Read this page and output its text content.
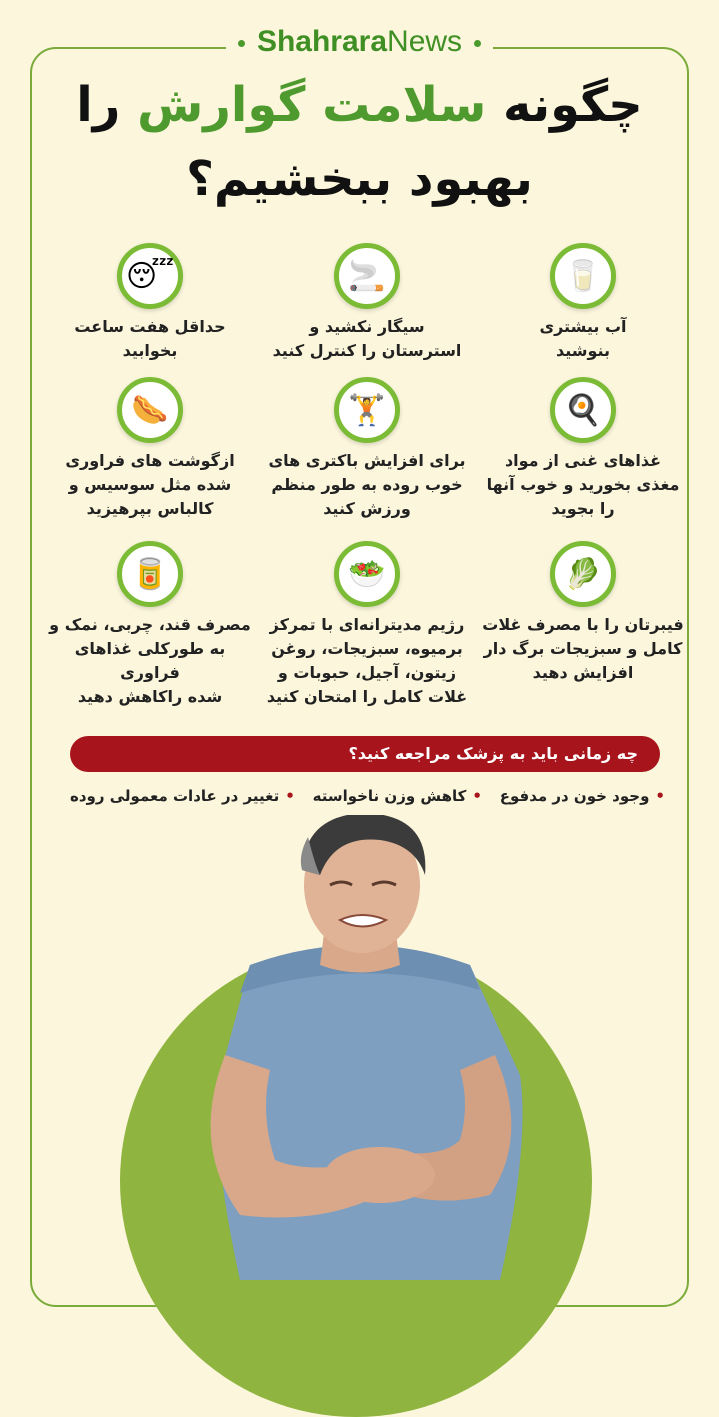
ShahraraNews
چگونه سلامت گوارش را
بهبود ببخشیم؟
🥛
آب بیشتری
بنوشید
🚬
سیگار نکشید و
استرستان را کنترل کنید
😴
حداقل هفت ساعت
بخوابید
🍳
غذاهای غنی از مواد
مغذی بخورید و خوب آنها
را بجوید
🏋
برای افزایش باکتری های
خوب روده به طور منظم
ورزش کنید
🌭
ازگوشت های فراوری
شده مثل سوسیس و
کالباس بپرهیزید
🥬
فیبرتان را با مصرف غلات
کامل و سبزیجات برگ دار
افزایش دهید
🥗
رژیم مدیترانه‌ای با تمرکز
برمیوه، سبزیجات، روغن
زیتون، آجیل، حبوبات و
غلات کامل را امتحان کنید
🥫
مصرف قند، چربی، نمک و
به طورکلی غذاهای فراوری
شده راکاهش دهید
چه زمانی باید به پزشک مراجعه کنید؟
•وجود خون در مدفوع
•کاهش وزن ناخواسته
•تغییر در عادات معمولی روده
